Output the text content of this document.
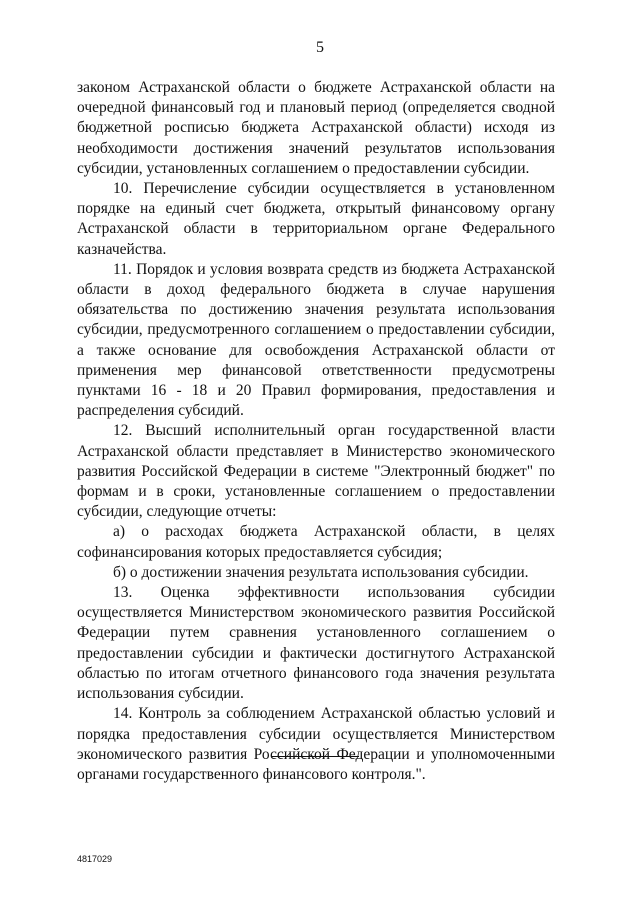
5

законом Астраханской области о бюджете Астраханской области на очередной финансовый год и плановый период (определяется сводной бюджетной росписью бюджета Астраханской области) исходя из необходимости достижения значений результатов использования субсидии, установленных соглашением о предоставлении субсидии.

10. Перечисление субсидии осуществляется в установленном порядке на единый счет бюджета, открытый финансовому органу Астраханской области в территориальном органе Федерального казначейства.

11. Порядок и условия возврата средств из бюджета Астраханской области в доход федерального бюджета в случае нарушения обязательства по достижению значения результата использования субсидии, предусмотренного соглашением о предоставлении субсидии, а также основание для освобождения Астраханской области от применения мер финансовой ответственности предусмотрены пунктами 16 - 18 и 20 Правил формирования, предоставления и распределения субсидий.

12. Высший исполнительный орган государственной власти Астраханской области представляет в Министерство экономического развития Российской Федерации в системе "Электронный бюджет" по формам и в сроки, установленные соглашением о предоставлении субсидии, следующие отчеты:

а) о расходах бюджета Астраханской области, в целях софинансирования которых предоставляется субсидия;

б) о достижении значения результата использования субсидии.

13. Оценка эффективности использования субсидии осуществляется Министерством экономического развития Российской Федерации путем сравнения установленного соглашением о предоставлении субсидии и фактически достигнутого Астраханской областью по итогам отчетного финансового года значения результата использования субсидии.

14. Контроль за соблюдением Астраханской областью условий и порядка предоставления субсидии осуществляется Министерством экономического развития Российской Федерации и уполномоченными органами государственного финансового контроля.".

4817029
